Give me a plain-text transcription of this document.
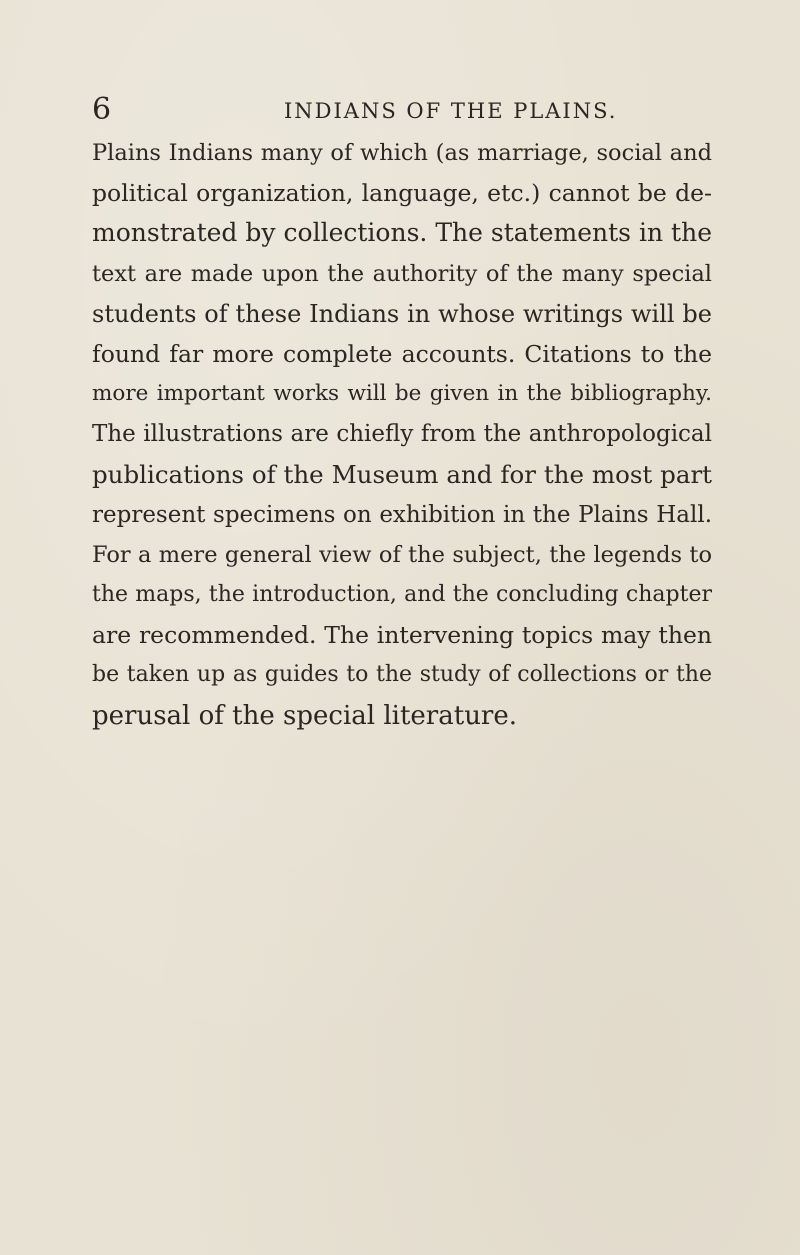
6	INDIANS OF THE PLAINS.
Plains Indians many of which (as marriage, social and
political organization, language, etc.) cannot be de-
monstrated by collections. The statements in the
text are made upon the authority of the many special
students of these Indians in whose writings will be
found far more complete accounts. Citations to the
more important works will be given in the bibliography.
The illustrations are chiefly from the anthropological
publications of the Museum and for the most part
represent specimens on exhibition in the Plains Hall.
For a mere general view of the subject, the legends to
the maps, the introduction, and the concluding chapter
are recommended. The intervening topics may then
be taken up as guides to the study of collections or the
perusal of the special literature.
